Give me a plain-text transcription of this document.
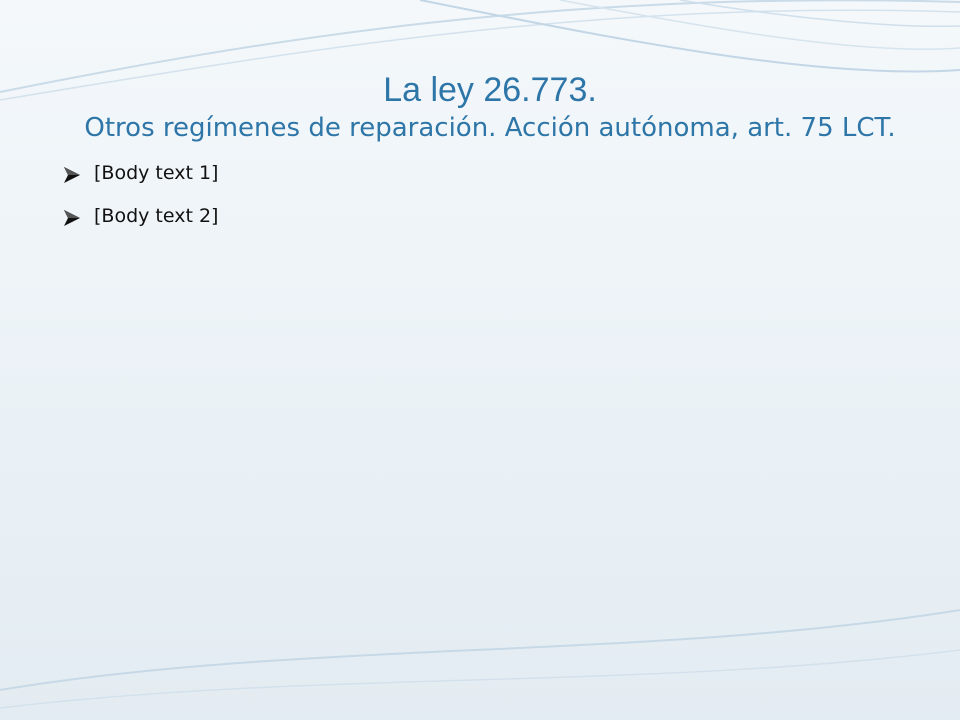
La ley 26.773.
Otros regímenes de reparación. Acción autónoma, art. 75 LCT.
[Body text 1]
[Body text 2]
